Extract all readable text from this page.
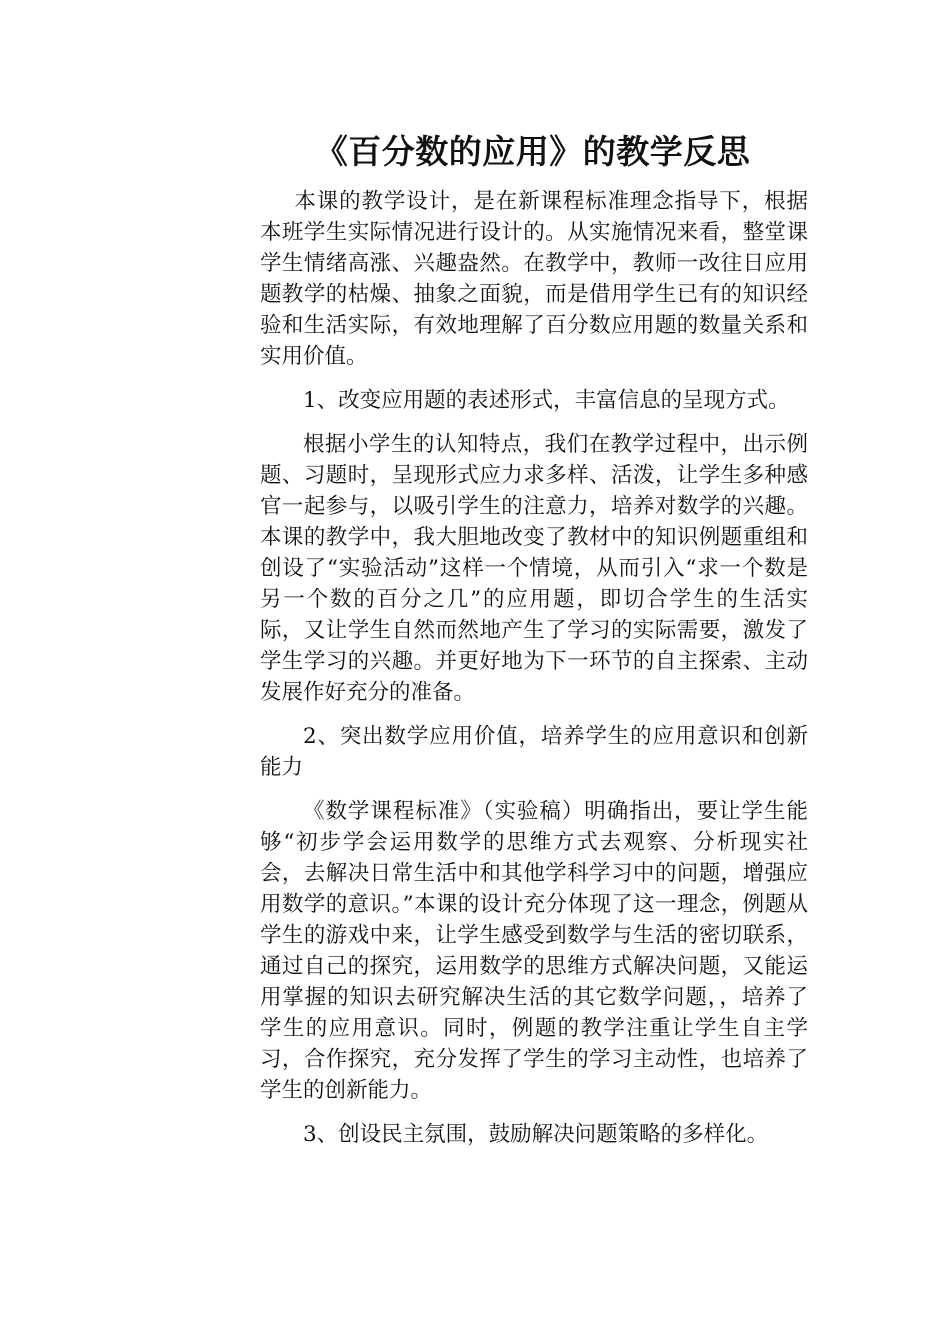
《百分数的应用》的教学反思

本课的教学设计，是在新课程标准理念指导下，根据本班学生实际情况进行设计的。从实施情况来看，整堂课学生情绪高涨、兴趣盎然。在教学中，教师一改往日应用题教学的枯燥、抽象之面貌，而是借用学生已有的知识经验和生活实际，有效地理解了百分数应用题的数量关系和实用价值。

1、改变应用题的表述形式，丰富信息的呈现方式。

根据小学生的认知特点，我们在教学过程中，出示例题、习题时，呈现形式应力求多样、活泼，让学生多种感官一起参与，以吸引学生的注意力，培养对数学的兴趣。本课的教学中，我大胆地改变了教材中的知识例题重组和创设了“实验活动”这样一个情境，从而引入“求一个数是另一个数的百分之几”的应用题，即切合学生的生活实际，又让学生自然而然地产生了学习的实际需要，激发了学生学习的兴趣。并更好地为下一环节的自主探索、主动发展作好充分的准备。

2、突出数学应用价值，培养学生的应用意识和创新能力

《数学课程标准》（实验稿）明确指出，要让学生能够“初步学会运用数学的思维方式去观察、分析现实社会，去解决日常生活中和其他学科学习中的问题，增强应用数学的意识。”本课的设计充分体现了这一理念，例题从学生的游戏中来，让学生感受到数学与生活的密切联系，通过自己的探究，运用数学的思维方式解决问题，又能运用掌握的知识去研究解决生活的其它数学问题，，培养了学生的应用意识。同时，例题的教学注重让学生自主学习，合作探究，充分发挥了学生的学习主动性，也培养了学生的创新能力。

3、创设民主氛围，鼓励解决问题策略的多样化。
